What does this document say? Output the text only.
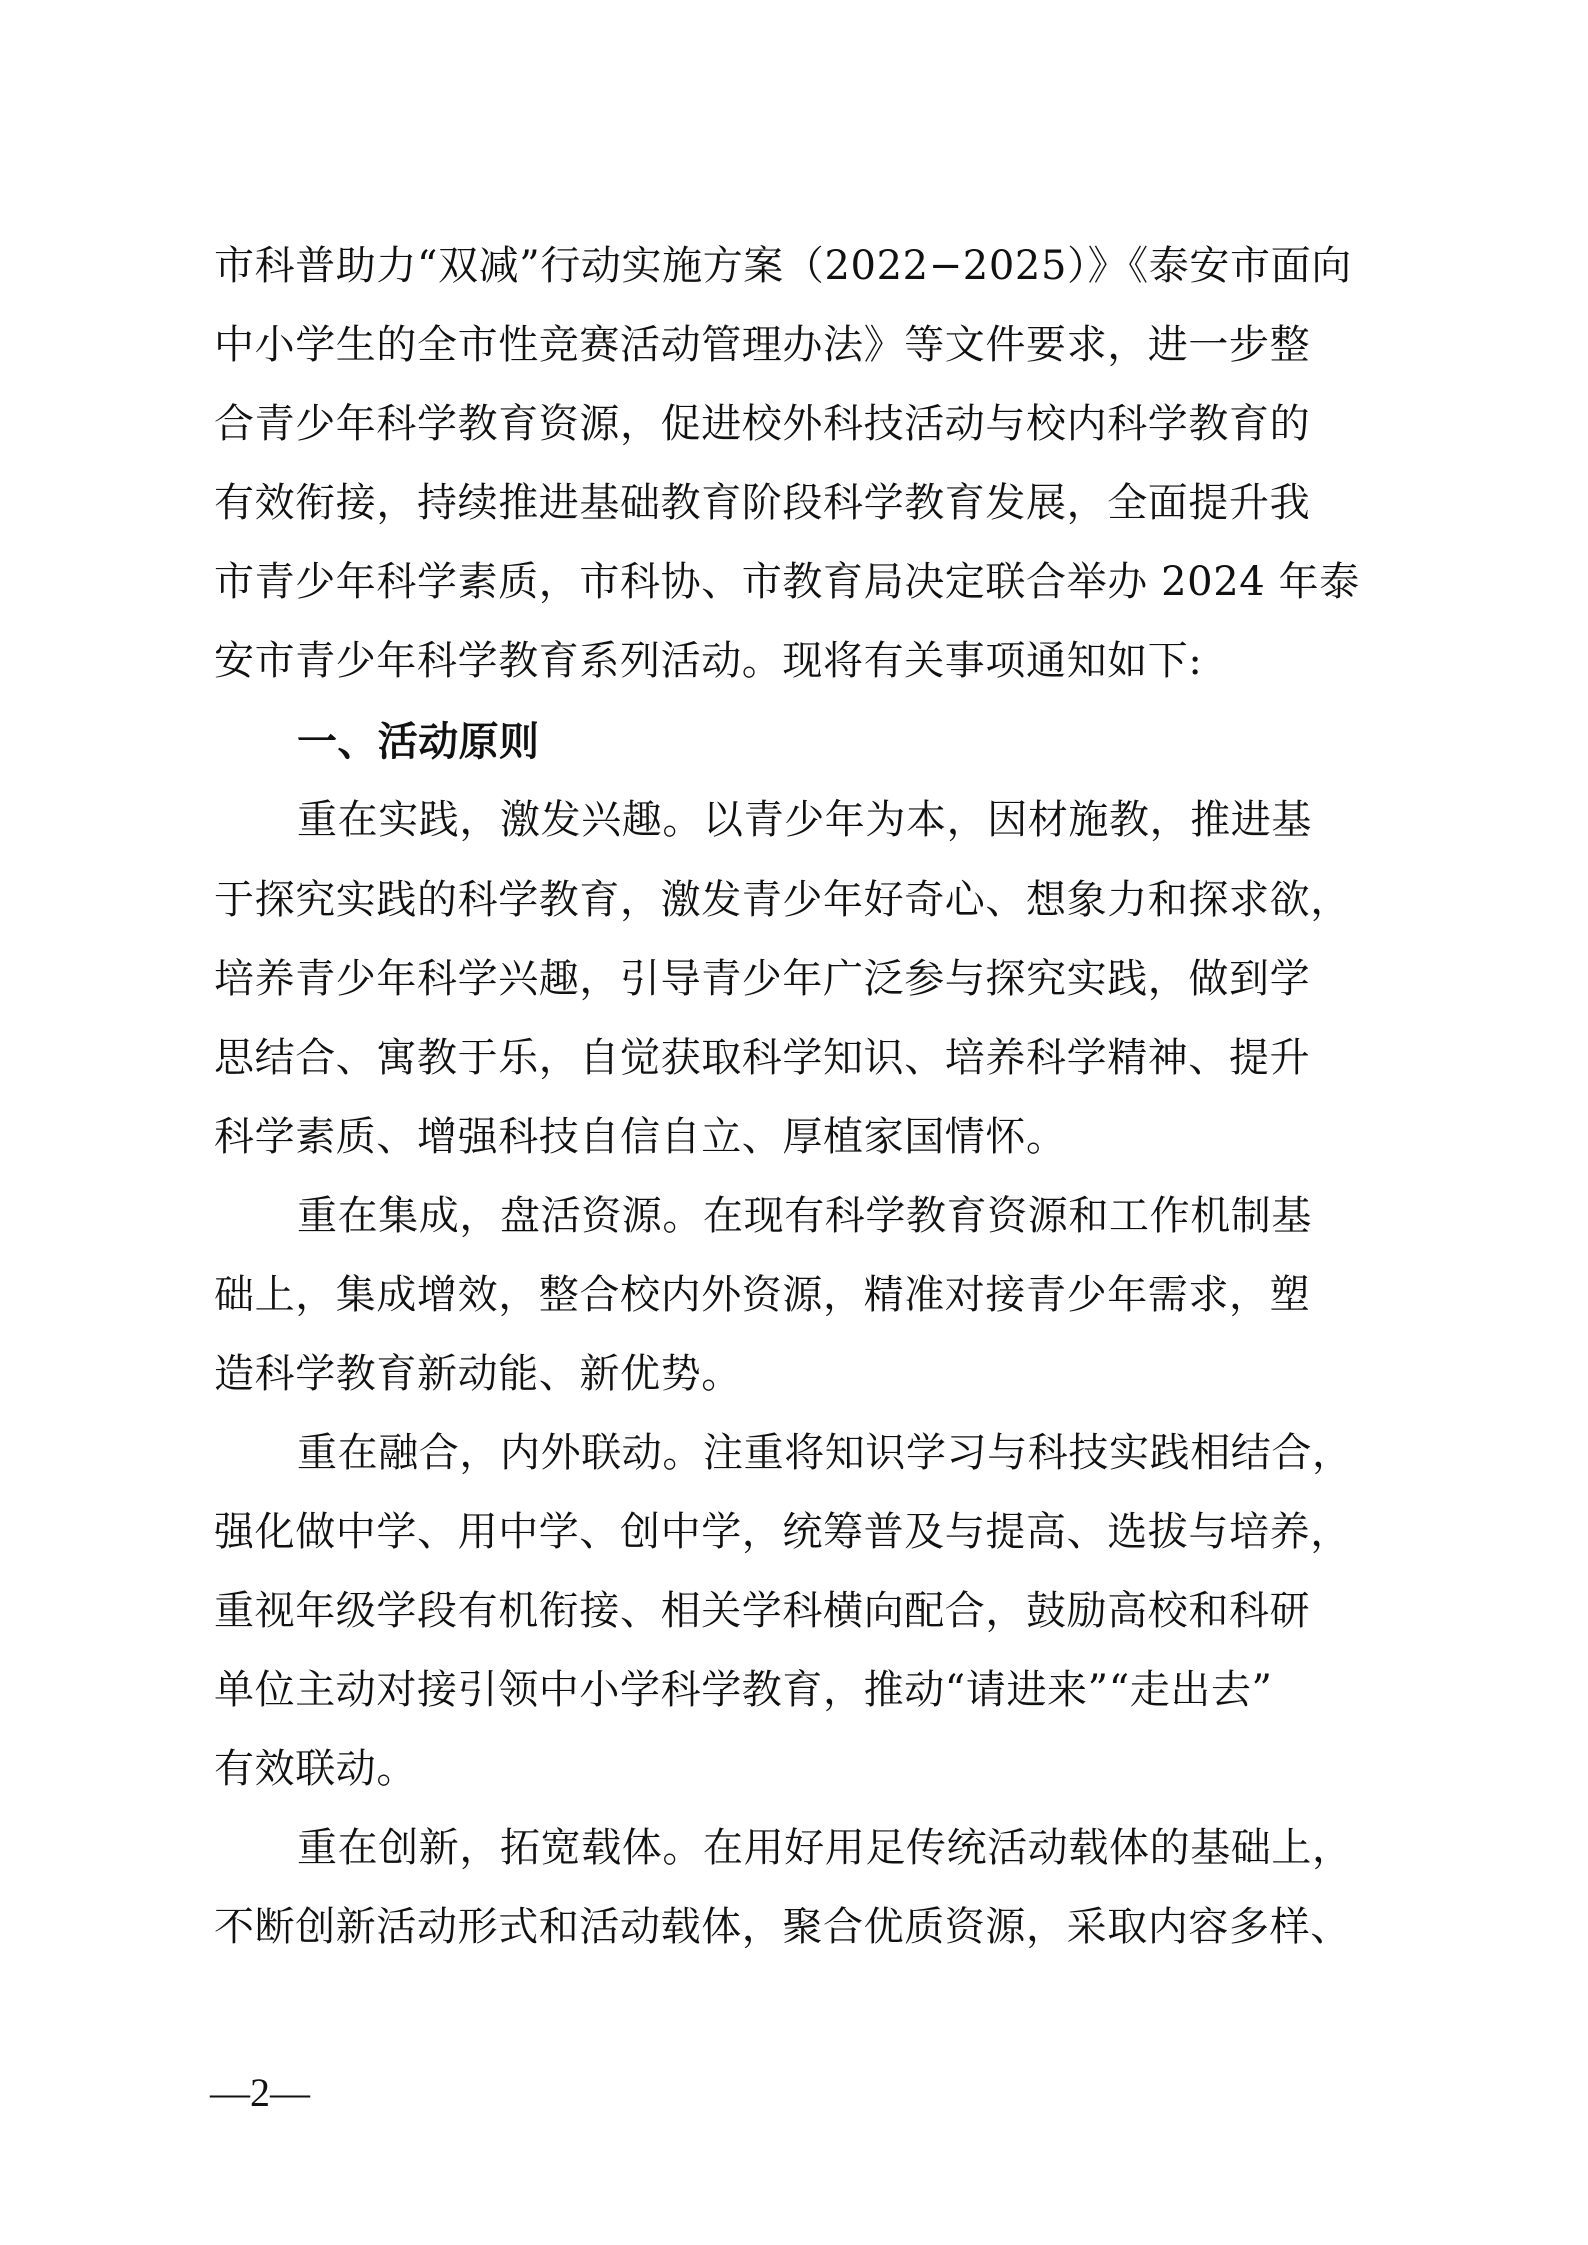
市科普助力“双减”行动实施方案（2022−2025）》《泰安市面向
中小学生的全市性竞赛活动管理办法》等文件要求，进一步整
合青少年科学教育资源，促进校外科技活动与校内科学教育的
有效衔接，持续推进基础教育阶段科学教育发展，全面提升我
市青少年科学素质，市科协、市教育局决定联合举办 2024 年泰
安市青少年科学教育系列活动。现将有关事项通知如下:
一、活动原则
重在实践，激发兴趣。以青少年为本，因材施教，推进基
于探究实践的科学教育，激发青少年好奇心、想象力和探求欲，
培养青少年科学兴趣，引导青少年广泛参与探究实践，做到学
思结合、寓教于乐，自觉获取科学知识、培养科学精神、提升
科学素质、增强科技自信自立、厚植家国情怀。
重在集成，盘活资源。在现有科学教育资源和工作机制基
础上，集成增效，整合校内外资源，精准对接青少年需求，塑
造科学教育新动能、新优势。
重在融合，内外联动。注重将知识学习与科技实践相结合，
强化做中学、用中学、创中学，统筹普及与提高、选拔与培养，
重视年级学段有机衔接、相关学科横向配合，鼓励高校和科研
单位主动对接引领中小学科学教育，推动“请进来”“走出去”
有效联动。
重在创新，拓宽载体。在用好用足传统活动载体的基础上，
不断创新活动形式和活动载体，聚合优质资源，采取内容多样、
—2—
